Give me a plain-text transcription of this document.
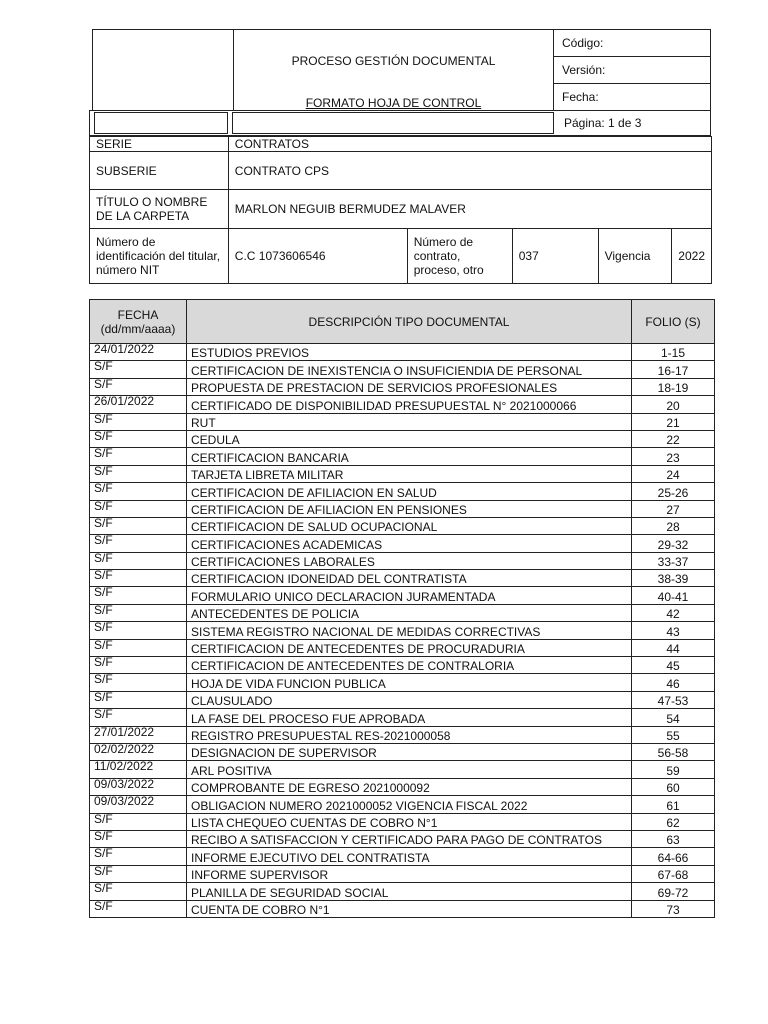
PROCESO GESTIÓN DOCUMENTAL
FORMATO HOJA DE CONTROL
	Código:
Versión:
Fecha:
Página: 1 de 3
SERIE	CONTRATOS				
SUBSERIE	CONTRATO CPS				
TÍTULO O NOMBRE DE LA CARPETA	MARLON NEGUIB BERMUDEZ MALAVER				
Número de identificación del titular, número NIT	C.C 1073606546	Número de contrato, proceso, otro	037	Vigencia	2022
FECHA (dd/mm/aaaa)	DESCRIPCIÓN TIPO DOCUMENTAL	FOLIO (S)
24/01/2022	ESTUDIOS PREVIOS	1-15
S/F	CERTIFICACION DE INEXISTENCIA O INSUFICIENDIA DE PERSONAL	16-17
S/F	PROPUESTA DE PRESTACION DE SERVICIOS PROFESIONALES	18-19
26/01/2022	CERTIFICADO DE DISPONIBILIDAD PRESUPUESTAL N° 2021000066	20
S/F	RUT	21
S/F	CEDULA	22
S/F	CERTIFICACION BANCARIA	23
S/F	TARJETA LIBRETA MILITAR	24
S/F	CERTIFICACION DE AFILIACION EN SALUD	25-26
S/F	CERTIFICACION DE AFILIACION EN PENSIONES	27
S/F	CERTIFICACION DE SALUD OCUPACIONAL	28
S/F	CERTIFICACIONES ACADEMICAS	29-32
S/F	CERTIFICACIONES LABORALES	33-37
S/F	CERTIFICACION IDONEIDAD DEL CONTRATISTA	38-39
S/F	FORMULARIO UNICO DECLARACION JURAMENTADA	40-41
S/F	ANTECEDENTES DE POLICIA	42
S/F	SISTEMA REGISTRO NACIONAL DE MEDIDAS CORRECTIVAS	43
S/F	CERTIFICACION DE ANTECEDENTES DE PROCURADURIA	44
S/F	CERTIFICACION DE ANTECEDENTES DE CONTRALORIA	45
S/F	HOJA DE VIDA FUNCION PUBLICA	46
S/F	CLAUSULADO	47-53
S/F	LA FASE DEL PROCESO FUE APROBADA	54
27/01/2022	REGISTRO PRESUPUESTAL RES-2021000058	55
02/02/2022	DESIGNACION DE SUPERVISOR	56-58
11/02/2022	ARL POSITIVA	59
09/03/2022	COMPROBANTE DE EGRESO 2021000092	60
09/03/2022	OBLIGACION NUMERO 2021000052 VIGENCIA FISCAL 2022	61
S/F	LISTA CHEQUEO CUENTAS DE COBRO N°1	62
S/F	RECIBO A SATISFACCION Y CERTIFICADO PARA PAGO DE CONTRATOS	63
S/F	INFORME EJECUTIVO DEL CONTRATISTA	64-66
S/F	INFORME SUPERVISOR	67-68
S/F	PLANILLA DE SEGURIDAD SOCIAL	69-72
S/F	CUENTA DE COBRO N°1	73
